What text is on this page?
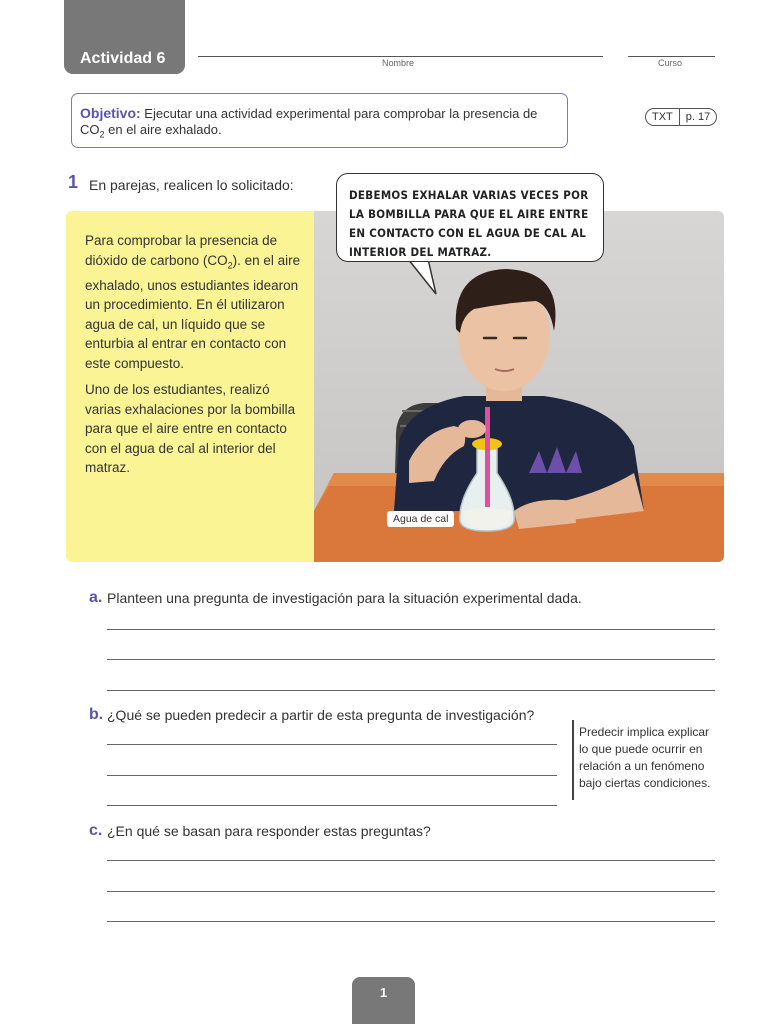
Actividad 6	Nombre	Curso
Objetivo: Ejecutar una actividad experimental para comprobar la presencia de $CO_2$ en el aire exhalado.
TXT	p. 17
1 En parejas, realicen lo solicitado:

Para comprobar la presencia de dióxido de carbono $(CO_2)$. en el aire exhalado, unos estudiantes idearon un procedimiento. En él utilizaron agua de cal, un líquido que se enturbia al entrar en contacto con este compuesto.

Uno de los estudiantes, realizó varias exhalaciones por la bombilla para que el aire entre en contacto con el agua de cal al interior del matraz.

DEBEMOS EXHALAR VARIAS VECES POR LA BOMBILLA PARA QUE EL AIRE ENTRE EN CONTACTO CON EL AGUA DE CAL AL INTERIOR DEL MATRAZ.
Agua de cal
a. Planteen una pregunta de investigación para la situación experimental dada.
b. ¿Qué se pueden predecir a partir de esta pregunta de investigación?
Predecir implica explicar lo que puede ocurrir en relación a un fenómeno bajo ciertas condiciones.
c. ¿En qué se basan para responder estas preguntas?
1
